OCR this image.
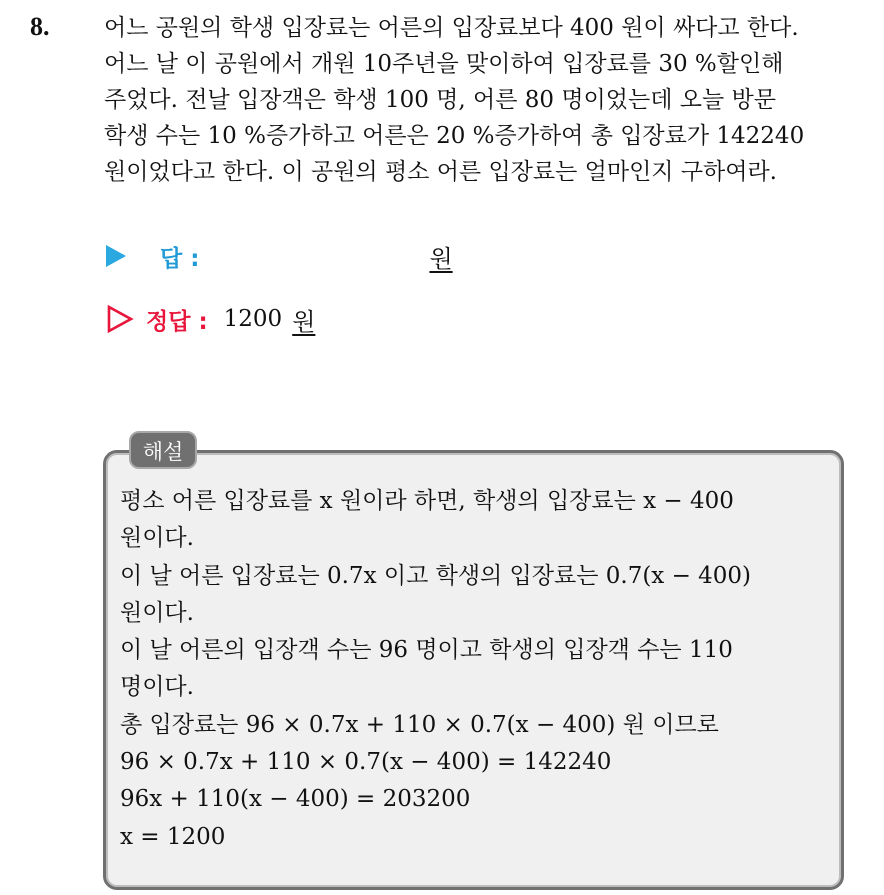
8. 어느 공원의 학생 입장료는 어른의 입장료보다 400 원이 싸다고 한다.
어느 날 이 공원에서 개원 10주년을 맞이하여 입장료를 30 %할인해
주었다. 전날 입장객은 학생 100 명, 어른 80 명이었는데 오늘 방문
학생 수는 10 %증가하고 어른은 20 %증가하여 총 입장료가 142240
원이었다고 한다. 이 공원의 평소 어른 입장료는 얼마인지 구하여라.
답 :	원
정답 : 1200 원
해설
평소 어른 입장료를 x 원이라 하면, 학생의 입장료는 x − 400
원이다.
이 날 어른 입장료는 0.7x 이고 학생의 입장료는 0.7(x − 400)
원이다.
이 날 어른의 입장객 수는 96 명이고 학생의 입장객 수는 110
명이다.
총 입장료는 96 × 0.7x + 110 × 0.7(x − 400) 원 이므로
96 × 0.7x + 110 × 0.7(x − 400) = 142240
96x + 110(x − 400) = 203200
x = 1200
